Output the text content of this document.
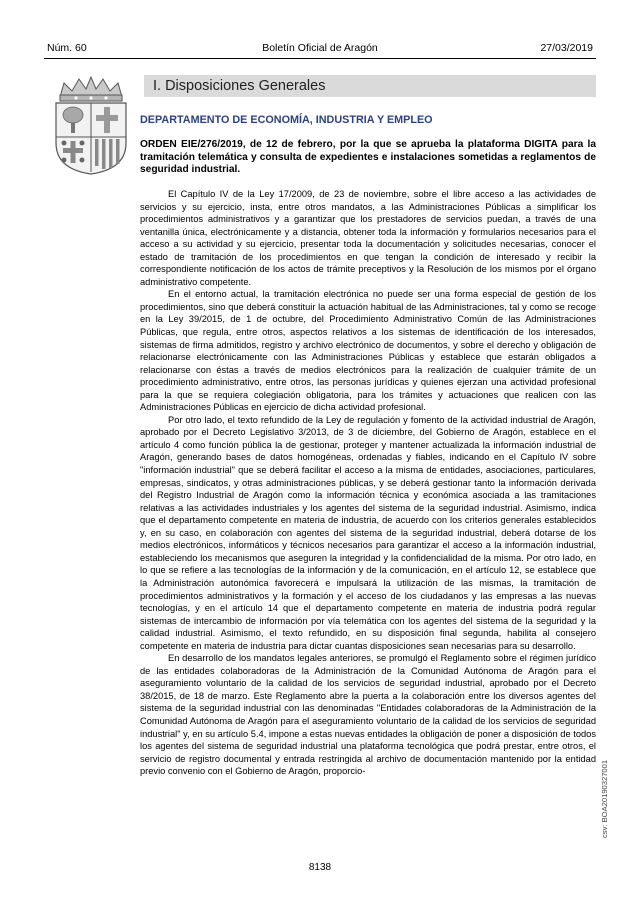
Núm. 60	Boletín Oficial de Aragón	27/03/2019
I. Disposiciones Generales
DEPARTAMENTO DE ECONOMÍA, INDUSTRIA Y EMPLEO
ORDEN EIE/276/2019, de 12 de febrero, por la que se aprueba la plataforma DIGITA para la tramitación telemática y consulta de expedientes e instalaciones sometidas a reglamentos de seguridad industrial.

El Capítulo IV de la Ley 17/2009, de 23 de noviembre, sobre el libre acceso a las actividades de servicios y su ejercicio, insta, entre otros mandatos, a las Administraciones Públicas a simplificar los procedimientos administrativos y a garantizar que los prestadores de servicios puedan, a través de una ventanilla única, electrónicamente y a distancia, obtener toda la información y formularios necesarios para el acceso a su actividad y su ejercicio, presentar toda la documentación y solicitudes necesarias, conocer el estado de tramitación de los procedimientos en que tengan la condición de interesado y recibir la correspondiente notificación de los actos de trámite preceptivos y la Resolución de los mismos por el órgano administrativo competente.

En el entorno actual, la tramitación electrónica no puede ser una forma especial de gestión de los procedimientos, sino que deberá constituir la actuación habitual de las Administraciones, tal y como se recoge en la Ley 39/2015, de 1 de octubre, del Procedimiento Administrativo Común de las Administraciones Públicas, que regula, entre otros, aspectos relativos a los sistemas de identificación de los interesados, sistemas de firma admitidos, registro y archivo electrónico de documentos, y sobre el derecho y obligación de relacionarse electrónicamente con las Administraciones Públicas y establece que estarán obligados a relacionarse con éstas a través de medios electrónicos para la realización de cualquier trámite de un procedimiento administrativo, entre otros, las personas jurídicas y quienes ejerzan una actividad profesional para la que se requiera colegiación obligatoria, para los trámites y actuaciones que realicen con las Administraciones Públicas en ejercicio de dicha actividad profesional.

Por otro lado, el texto refundido de la Ley de regulación y fomento de la actividad industrial de Aragón, aprobado por el Decreto Legislativo 3/2013, de 3 de diciembre, del Gobierno de Aragón, establece en el artículo 4 como función pública la de gestionar, proteger y mantener actualizada la información industrial de Aragón, generando bases de datos homogéneas, ordenadas y fiables, indicando en el Capítulo IV sobre "información industrial" que se deberá facilitar el acceso a la misma de entidades, asociaciones, particulares, empresas, sindicatos, y otras administraciones públicas, y se deberá gestionar tanto la información derivada del Registro Industrial de Aragón como la información técnica y económica asociada a las tramitaciones relativas a las actividades industriales y los agentes del sistema de la seguridad industrial. Asimismo, indica que el departamento competente en materia de industria, de acuerdo con los criterios generales establecidos y, en su caso, en colaboración con agentes del sistema de la seguridad industrial, deberá dotarse de los medios electrónicos, informáticos y técnicos necesarios para garantizar el acceso a la información industrial, estableciendo los mecanismos que aseguren la integridad y la confidencialidad de la misma. Por otro lado, en lo que se refiere a las tecnologías de la información y de la comunicación, en el artículo 12, se establece que la Administración autonómica favorecerá e impulsará la utilización de las mismas, la tramitación de procedimientos administrativos y la formación y el acceso de los ciudadanos y las empresas a las nuevas tecnologías, y en el artículo 14 que el departamento competente en materia de industria podrá regular sistemas de intercambio de información por vía telemática con los agentes del sistema de la seguridad y la calidad industrial. Asimismo, el texto refundido, en su disposición final segunda, habilita al consejero competente en materia de industria para dictar cuantas disposiciones sean necesarias para su desarrollo.

En desarrollo de los mandatos legales anteriores, se promulgó el Reglamento sobre el régimen jurídico de las entidades colaboradoras de la Administración de la Comunidad Autónoma de Aragón para el aseguramiento voluntario de la calidad de los servicios de seguridad industrial, aprobado por el Decreto 38/2015, de 18 de marzo. Este Reglamento abre la puerta a la colaboración entre los diversos agentes del sistema de la seguridad industrial con las denominadas "Entidades colaboradoras de la Administración de la Comunidad Autónoma de Aragón para el aseguramiento voluntario de la calidad de los servicios de seguridad industrial" y, en su artículo 5.4, impone a estas nuevas entidades la obligación de poner a disposición de todos los agentes del sistema de seguridad industrial una plataforma tecnológica que podrá prestar, entre otros, el servicio de registro documental y entrada restringida al archivo de documentación mantenido por la entidad previo convenio con el Gobierno de Aragón, proporcio-	csv: BOA20190327001
8138
